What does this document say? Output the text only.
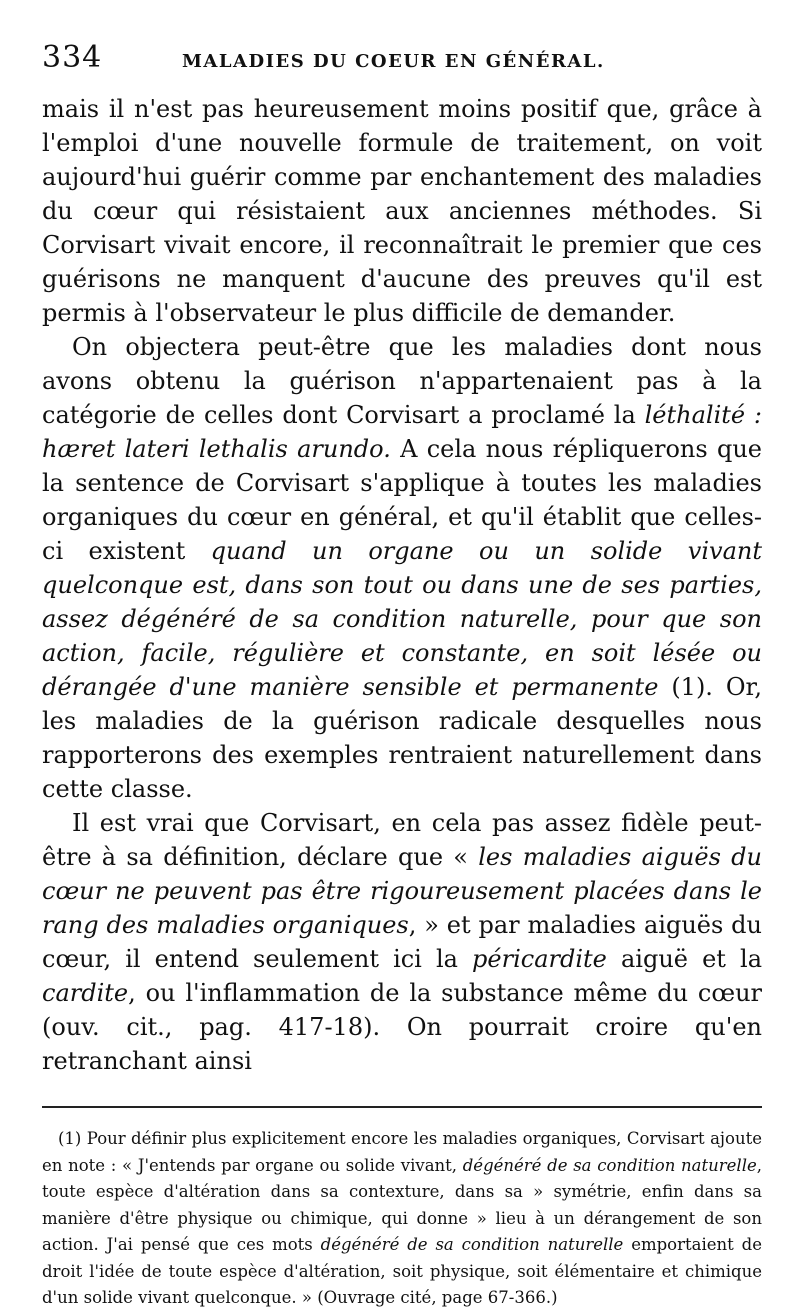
334	MALADIES DU COEUR EN GÉNÉRAL.

mais il n'est pas heureusement moins positif que, grâce à l'emploi d'une nouvelle formule de traitement, on voit aujourd'hui guérir comme par enchantement des maladies du cœur qui résistaient aux anciennes méthodes. Si Corvisart vivait encore, il reconnaîtrait le premier que ces guérisons ne manquent d'aucune des preuves qu'il est permis à l'observateur le plus difficile de demander.

On objectera peut-être que les maladies dont nous avons obtenu la guérison n'appartenaient pas à la catégorie de celles dont Corvisart a proclamé la léthalité : hæret lateri lethalis arundo. A cela nous répliquerons que la sentence de Corvisart s'applique à toutes les maladies organiques du cœur en général, et qu'il établit que celles-ci existent quand un organe ou un solide vivant quelconque est, dans son tout ou dans une de ses parties, assez dégénéré de sa condition naturelle, pour que son action, facile, régulière et constante, en soit lésée ou dérangée d'une manière sensible et permanente (1). Or, les maladies de la guérison radicale desquelles nous rapporterons des exemples rentraient naturellement dans cette classe.

Il est vrai que Corvisart, en cela pas assez fidèle peut-être à sa définition, déclare que « les maladies aiguës du cœur ne peuvent pas être rigoureusement placées dans le rang des maladies organiques, » et par maladies aiguës du cœur, il entend seulement ici la péricardite aiguë et la cardite, ou l'inflammation de la substance même du cœur (ouv. cit., pag. 417-18). On pourrait croire qu'en retranchant ainsi

(1) Pour définir plus explicitement encore les maladies organiques, Corvisart ajoute en note : « J'entends par organe ou solide vivant, dégénéré de sa condition naturelle, toute espèce d'altération dans sa contexture, dans sa » symétrie, enfin dans sa manière d'être physique ou chimique, qui donne » lieu à un dérangement de son action. J'ai pensé que ces mots dégénéré de sa condition naturelle emportaient de droit l'idée de toute espèce d'altération, soit physique, soit élémentaire et chimique d'un solide vivant quelconque. » (Ouvrage cité, page 67-366.)
